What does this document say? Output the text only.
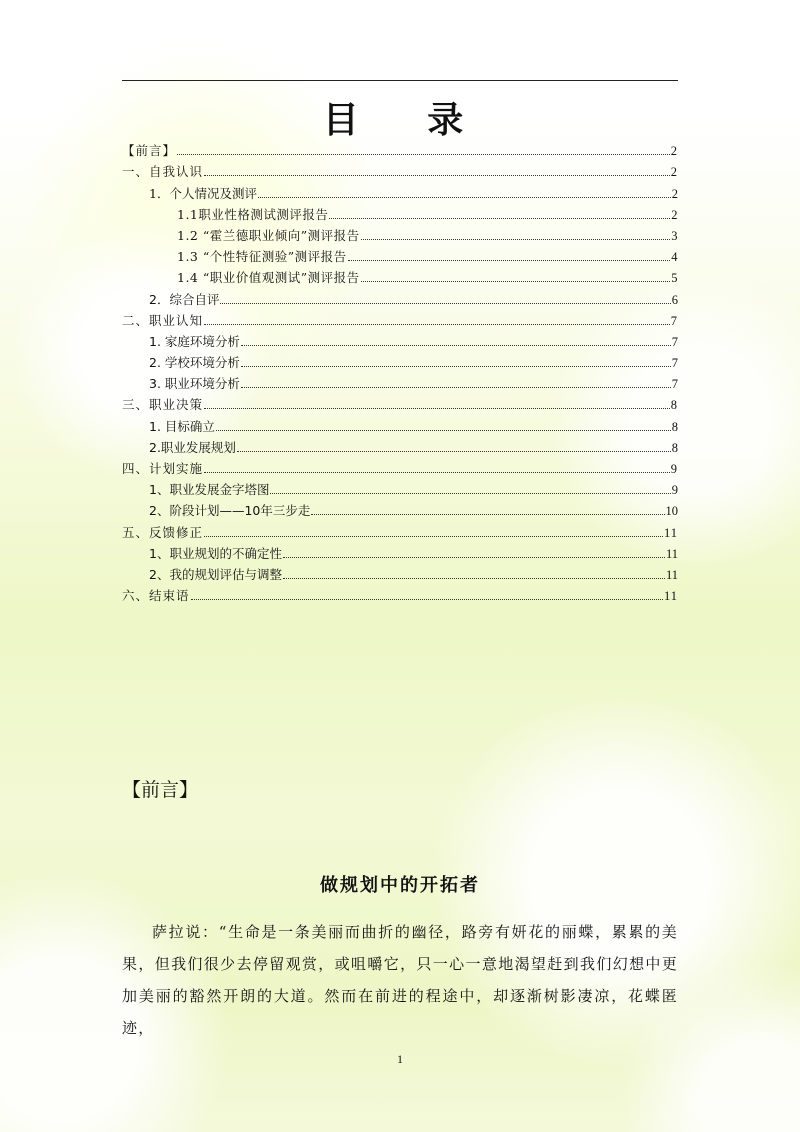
目 录
【前言】	2
一、自我认识	2
1．个人情况及测评	2
1.1职业性格测试测评报告	2
1.2 “霍兰德职业倾向”测评报告	3
1.3 “个性特征测验”测评报告	4
1.4 “职业价值观测试”测评报告	5
2．综合自评	6
二、职业认知	7
1. 家庭环境分析	7
2. 学校环境分析	7
3. 职业环境分析	7
三、职业决策	8
1. 目标确立	8
2.职业发展规划	8
四、计划实施	9
1、职业发展金字塔图	9
2、阶段计划——10年三步走	10
五、反馈修正	11
1、职业规划的不确定性	11
2、我的规划评估与调整	11
六、结束语	11
【前言】
做规划中的开拓者
萨拉说：“生命是一条美丽而曲折的幽径，路旁有妍花的丽蝶，累累的美果，但我们很少去停留观赏，或咀嚼它，只一心一意地渴望赶到我们幻想中更加美丽的豁然开朗的大道。然而在前进的程途中，却逐渐树影凄凉，花蝶匿迹，
1
